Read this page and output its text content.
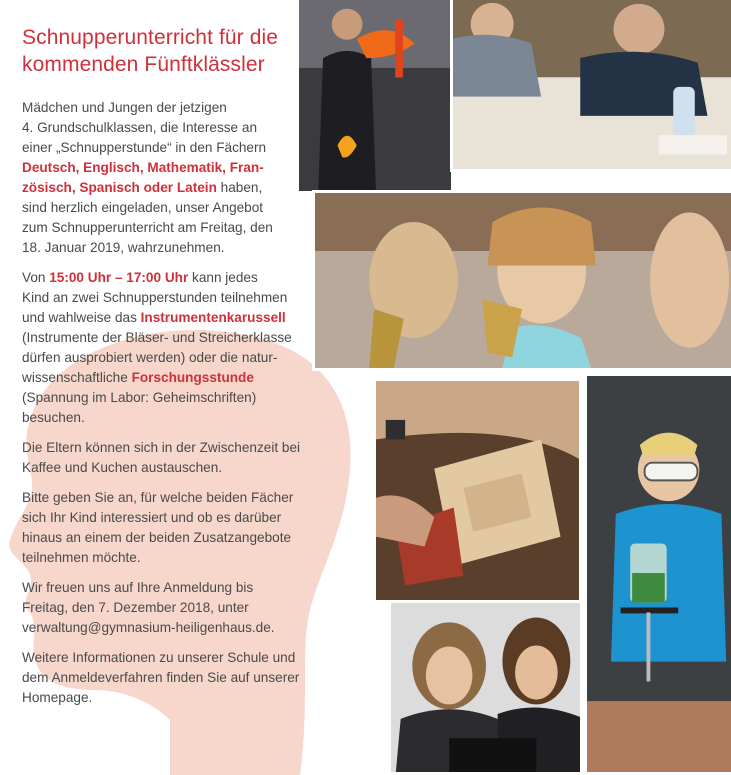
Schnupperunterricht für die
kommenden Fünftklässler

Mädchen und Jungen der jetzigen
4. Grundschulklassen, die Interesse an
einer „Schnupperstunde“ in den Fächern
Deutsch, Englisch, Mathematik, Fran-
zösisch, Spanisch oder Latein haben,
sind herzlich eingeladen, unser Angebot
zum Schnupperunterricht am Freitag, den
18. Januar 2019, wahrzunehmen.

Von 15:00 Uhr – 17:00 Uhr kann jedes
Kind an zwei Schnupperstunden teilnehmen
und wahlweise das Instrumentenkarussell
(Instrumente der Bläser- und Streicherklasse
dürfen ausprobiert werden) oder die natur-
wissenschaftliche Forschungsstunde
(Spannung im Labor: Geheimschriften)
besuchen.

Die Eltern können sich in der Zwischenzeit bei
Kaffee und Kuchen austauschen.

Bitte geben Sie an, für welche beiden Fächer
sich Ihr Kind interessiert und ob es darüber
hinaus an einem der beiden Zusatzangebote
teilnehmen möchte.

Wir freuen uns auf Ihre Anmeldung bis
Freitag, den 7. Dezember 2018, unter
verwaltung@gymnasium-heiligenhaus.de.

Weitere Informationen zu unserer Schule und
dem Anmeldeverfahren finden Sie auf unserer
Homepage.
